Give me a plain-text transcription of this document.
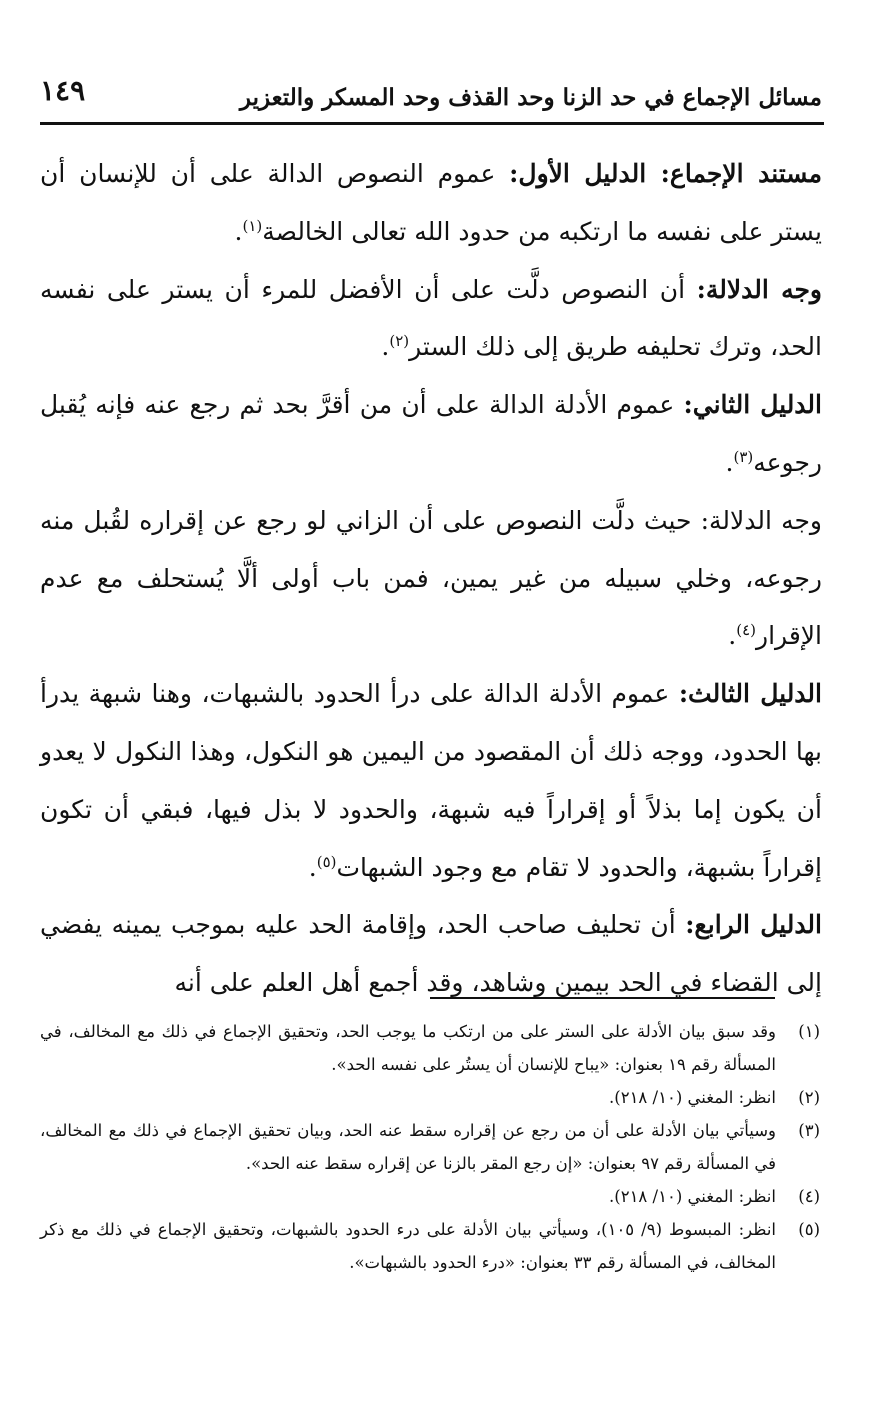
مسائل الإجماع في حد الزنا وحد القذف وحد المسكر والتعزير
١٤٩

مستند الإجماع: الدليل الأول: عموم النصوص الدالة على أن للإنسان أن يستر على نفسه ما ارتكبه من حدود الله تعالى الخالصة$^{(١)}$.

وجه الدلالة: أن النصوص دلَّت على أن الأفضل للمرء أن يستر على نفسه الحد، وترك تحليفه طريق إلى ذلك الستر$^{(٢)}$.

الدليل الثاني: عموم الأدلة الدالة على أن من أقرَّ بحد ثم رجع عنه فإنه يُقبل رجوعه$^{(٣)}$.

وجه الدلالة: حيث دلَّت النصوص على أن الزاني لو رجع عن إقراره لقُبل منه رجوعه، وخلي سبيله من غير يمين، فمن باب أولى ألَّا يُستحلف مع عدم الإقرار$^{(٤)}$.

الدليل الثالث: عموم الأدلة الدالة على درأ الحدود بالشبهات، وهنا شبهة يدرأ بها الحدود، ووجه ذلك أن المقصود من اليمين هو النكول، وهذا النكول لا يعدو أن يكون إما بذلاً أو إقراراً فيه شبهة، والحدود لا بذل فيها، فبقي أن تكون إقراراً بشبهة، والحدود لا تقام مع وجود الشبهات$^{(٥)}$.

الدليل الرابع: أن تحليف صاحب الحد، وإقامة الحد عليه بموجب يمينه يفضي إلى القضاء في الحد بيمين وشاهد، وقد أجمع أهل العلم على أنه

(١)
وقد سبق بيان الأدلة على الستر على من ارتكب ما يوجب الحد، وتحقيق الإجماع في ذلك مع المخالف، في المسألة رقم ١٩ بعنوان: «يباح للإنسان أن يستُر على نفسه الحد».
(٢)
انظر: المغني (١٠/ ٢١٨).
(٣)
وسيأتي بيان الأدلة على أن من رجع عن إقراره سقط عنه الحد، وبيان تحقيق الإجماع في ذلك مع المخالف، في المسألة رقم ٩٧ بعنوان: «إن رجع المقر بالزنا عن إقراره سقط عنه الحد».
(٤)
انظر: المغني (١٠/ ٢١٨).
(٥)
انظر: المبسوط (٩/ ١٠٥)، وسيأتي بيان الأدلة على درء الحدود بالشبهات، وتحقيق الإجماع في ذلك مع ذكر المخالف، في المسألة رقم ٣٣ بعنوان: «درء الحدود بالشبهات».
